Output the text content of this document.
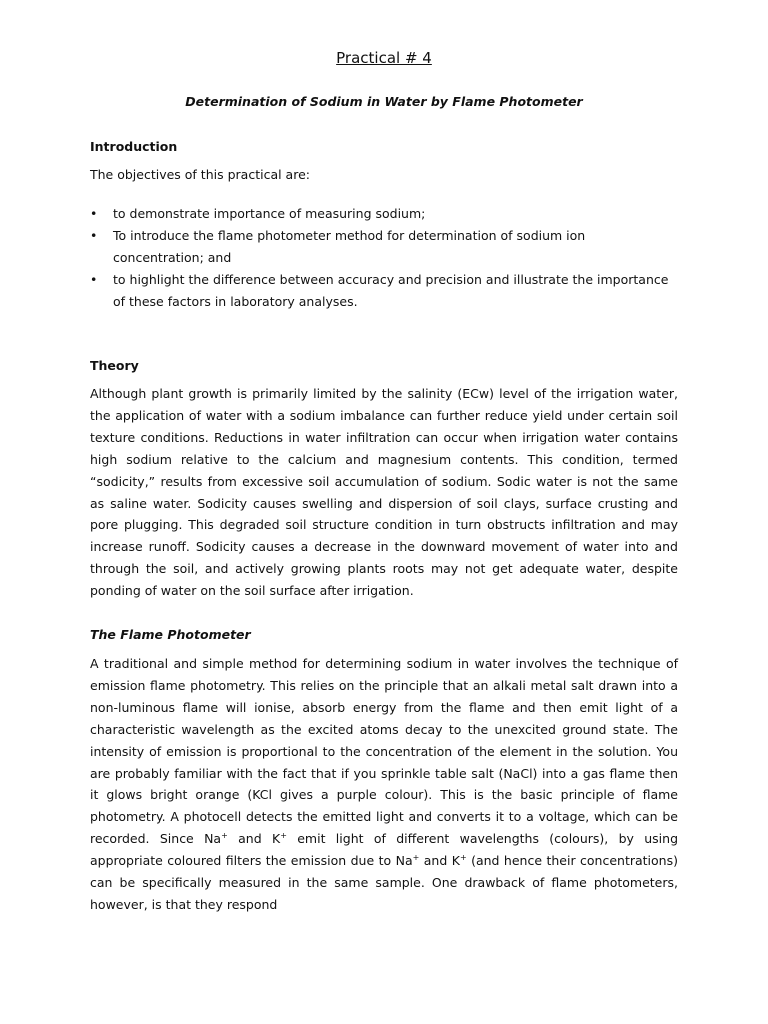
Practical # 4
Determination of Sodium in Water by Flame Photometer
Introduction

The objectives of this practical are:

• to demonstrate importance of measuring sodium;
• To introduce the flame photometer method for determination of sodium ion concentration; and
• to highlight the difference between accuracy and precision and illustrate the importance of these factors in laboratory analyses.
Theory

Although plant growth is primarily limited by the salinity (ECw) level of the irrigation water, the application of water with a sodium imbalance can further reduce yield under certain soil texture conditions. Reductions in water infiltration can occur when irrigation water contains high sodium relative to the calcium and magnesium contents. This condition, termed “sodicity,” results from excessive soil accumulation of sodium. Sodic water is not the same as saline water. Sodicity causes swelling and dispersion of soil clays, surface crusting and pore plugging. This degraded soil structure condition in turn obstructs infiltration and may increase runoff. Sodicity causes a decrease in the downward movement of water into and through the soil, and actively growing plants roots may not get adequate water, despite ponding of water on the soil surface after irrigation.

The Flame Photometer

A traditional and simple method for determining sodium in water involves the technique of emission flame photometry. This relies on the principle that an alkali metal salt drawn into a non-luminous flame will ionise, absorb energy from the flame and then emit light of a characteristic wavelength as the excited atoms decay to the unexcited ground state. The intensity of emission is proportional to the concentration of the element in the solution. You are probably familiar with the fact that if you sprinkle table salt (NaCl) into a gas flame then it glows bright orange (KCl gives a purple colour). This is the basic principle of flame photometry. A photocell detects the emitted light and converts it to a voltage, which can be recorded. Since Na+ and K+ emit light of different wavelengths (colours), by using appropriate coloured filters the emission due to Na+ and K+ (and hence their concentrations) can be specifically measured in the same sample. One drawback of flame photometers, however, is that they respond
